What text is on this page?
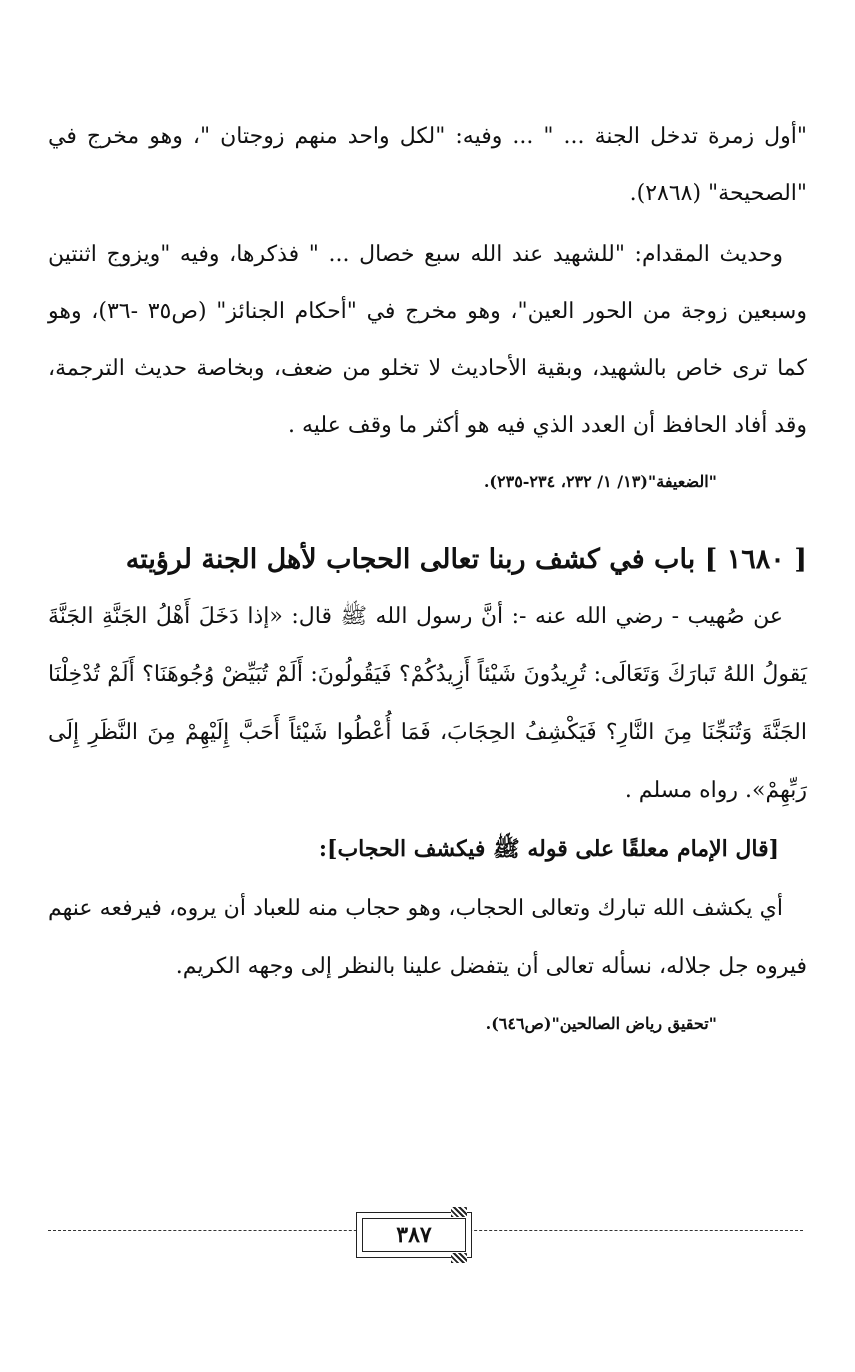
"أول زمرة تدخل الجنة ... " ... وفيه: "لكل واحد منهم زوجتان "، وهو مخرج في "الصحيحة" (٢٨٦٨).

وحديث المقدام: "للشهيد عند الله سبع خصال ... " فذكرها، وفيه "ويزوج اثنتين وسبعين زوجة من الحور العين"، وهو مخرج في "أحكام الجنائز" (ص٣٥ -٣٦)، وهو كما ترى خاص بالشهيد، وبقية الأحاديث لا تخلو من ضعف، وبخاصة حديث الترجمة، وقد أفاد الحافظ أن العدد الذي فيه هو أكثر ما وقف عليه .

"الضعيفة"(١٣/ ١/ ٢٣٢، ٢٣٤-٢٣٥).

[ ١٦٨٠ ] باب في كشف ربنا تعالى الحجاب لأهل الجنة لرؤيته

عن صُهيب - رضي الله عنه -: أنَّ رسول الله ﷺ قال: «إذا دَخَلَ أَهْلُ الجَنَّةِ الجَنَّةَ يَقولُ اللهُ تَبارَكَ وَتَعَالَى: تُرِيدُونَ شَيْئاً أَزِيدُكُمْ؟ فَيَقُولُونَ: أَلَمْ تُبَيِّضْ وُجُوهَنَا؟ أَلَمْ تُدْخِلْنَا الجَنَّةَ وَتُنَجِّنَا مِنَ النَّارِ؟ فَيَكْشِفُ الحِجَابَ، فَمَا أُعْطُوا شَيْئاً أَحَبَّ إِلَيْهِمْ مِنَ النَّظَرِ إِلَى رَبِّهِمْ». رواه مسلم .

[قال الإمام معلقًا على قوله ﷺ فيكشف الحجاب]:

أي يكشف الله تبارك وتعالى الحجاب، وهو حجاب منه للعباد أن يروه، فيرفعه عنهم فيروه جل جلاله، نسأله تعالى أن يتفضل علينا بالنظر إلى وجهه الكريم.

"تحقيق رياض الصالحين"(ص٦٤٦).

٣٨٧
